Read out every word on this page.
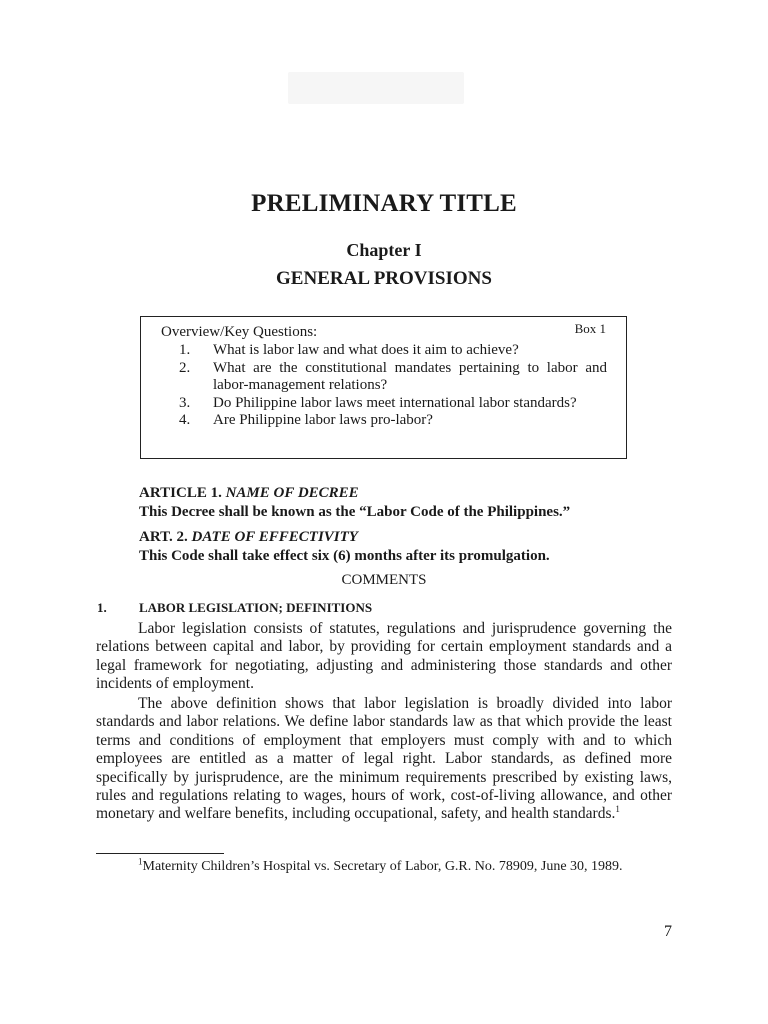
PRELIMINARY TITLE
Chapter I
GENERAL PROVISIONS
Box 1
Overview/Key Questions:
1. What is labor law and what does it aim to achieve?
2. What are the constitutional mandates pertaining to labor and labor-management relations?
3. Do Philippine labor laws meet international labor standards?
4. Are Philippine labor laws pro-labor?
ARTICLE 1. NAME OF DECREE
This Decree shall be known as the “Labor Code of the Philippines.”
ART. 2. DATE OF EFFECTIVITY
This Code shall take effect six (6) months after its promulgation.
COMMENTS
1. LABOR LEGISLATION; DEFINITIONS

Labor legislation consists of statutes, regulations and jurisprudence governing the relations between capital and labor, by providing for certain employment standards and a legal framework for negotiating, adjusting and administering those standards and other incidents of employment.

The above definition shows that labor legislation is broadly divided into labor standards and labor relations. We define labor standards law as that which provide the least terms and conditions of employment that employers must comply with and to which employees are entitled as a matter of legal right. Labor standards, as defined more specifically by jurisprudence, are the minimum requirements prescribed by existing laws, rules and regulations relating to wages, hours of work, cost-of-living allowance, and other monetary and welfare benefits, including occupational, safety, and health standards.$^1$

$^1$Maternity Children’s Hospital vs. Secretary of Labor, G.R. No. 78909, June 30, 1989.

7
